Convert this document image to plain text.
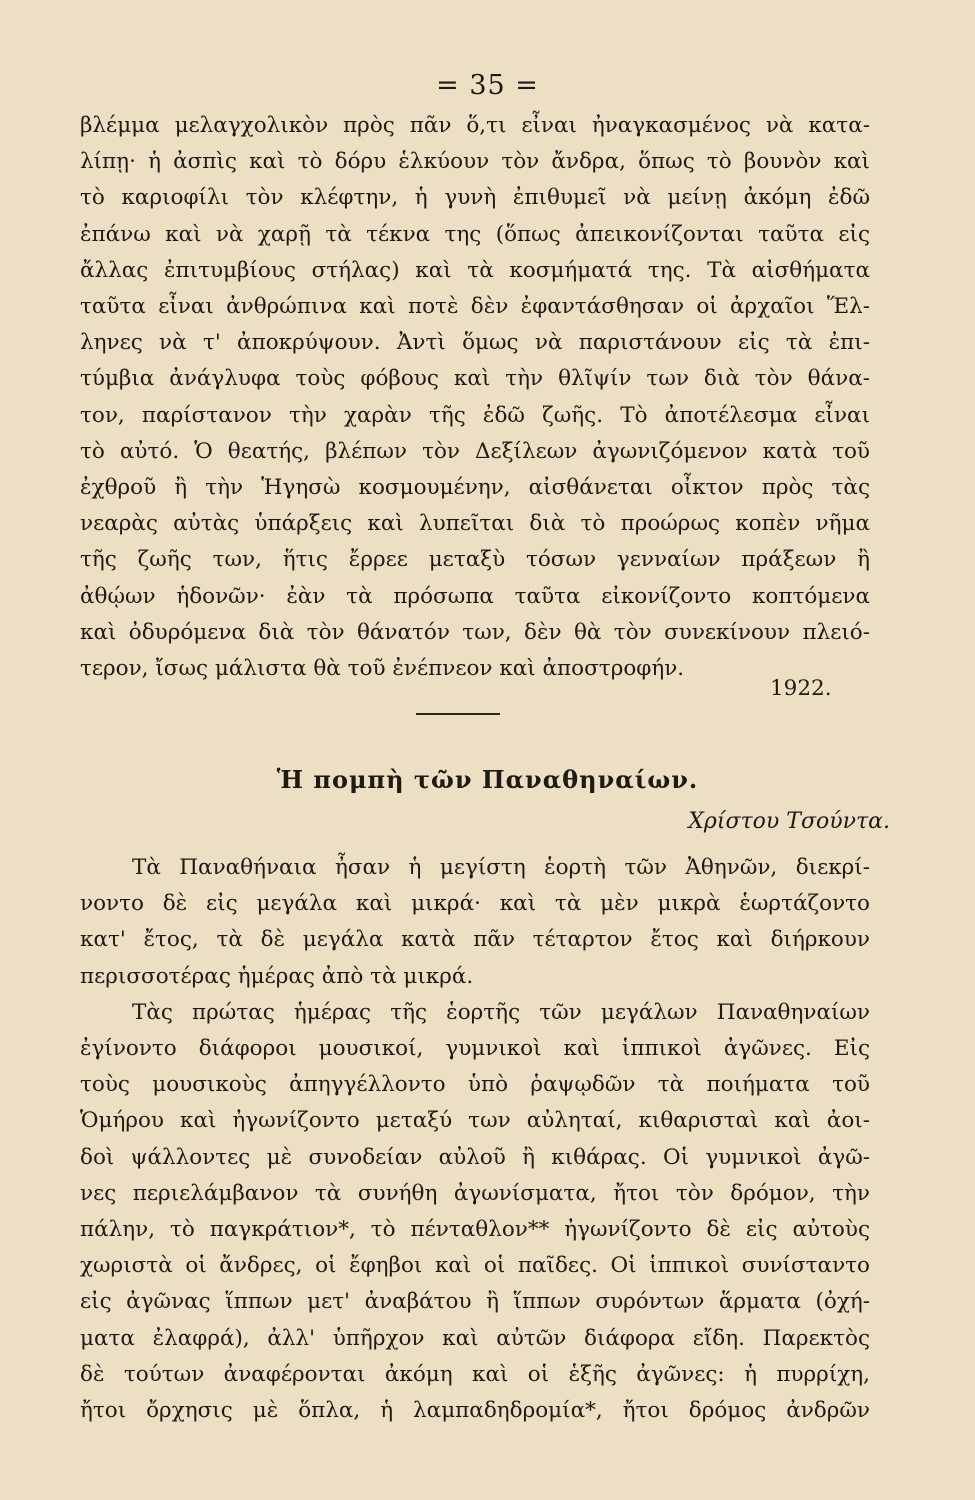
= 35 =
βλέμμα μελαγχολικὸν πρὸς πᾶν ὅ,τι εἶναι ἠναγκασμένος νὰ κατα-
λίπῃ· ἡ ἀσπὶς καὶ τὸ δόρυ ἑλκύουν τὸν ἄνδρα, ὅπως τὸ βουνὸν καὶ
τὸ καριοφίλι τὸν κλέφτην, ἡ γυνὴ ἐπιθυμεῖ νὰ μείνῃ ἀκόμη ἐδῶ
ἐπάνω καὶ νὰ χαρῇ τὰ τέκνα της (ὅπως ἀπεικονίζονται ταῦτα εἰς
ἄλλας ἐπιτυμβίους στήλας) καὶ τὰ κοσμήματά της. Τὰ αἰσθήματα
ταῦτα εἶναι ἀνθρώπινα καὶ ποτὲ δὲν ἐφαντάσθησαν οἱ ἀρχαῖοι Ἕλ-
ληνες νὰ τ' ἀποκρύψουν. Ἀντὶ ὅμως νὰ παριστάνουν εἰς τὰ ἐπι-
τύμβια ἀνάγλυφα τοὺς φόβους καὶ τὴν θλῖψίν των διὰ τὸν θάνα-
τον, παρίστανον τὴν χαρὰν τῆς ἐδῶ ζωῆς. Τὸ ἀποτέλεσμα εἶναι
τὸ αὐτό. Ὁ θεατής, βλέπων τὸν Δεξίλεων ἀγωνιζόμενον κατὰ τοῦ
ἐχθροῦ ἢ τὴν Ἡγησὼ κοσμουμένην, αἰσθάνεται οἶκτον πρὸς τὰς
νεαρὰς αὐτὰς ὑπάρξεις καὶ λυπεῖται διὰ τὸ προώρως κοπὲν νῆμα
τῆς ζωῆς των, ἥτις ἔρρεε μεταξὺ τόσων γενναίων πράξεων ἢ
ἀθῴων ἡδονῶν· ἐὰν τὰ πρόσωπα ταῦτα εἰκονίζοντο κοπτόμενα
καὶ ὀδυρόμενα διὰ τὸν θάνατόν των, δὲν θὰ τὸν συνεκίνουν πλειό-
τερον, ἴσως μάλιστα θὰ τοῦ ἐνέπνεον καὶ ἀποστροφήν.
1922.
Ἡ πομπὴ τῶν Παναθηναίων.
Χρίστου Τσούντα.
Τὰ Παναθήναια ἦσαν ἡ μεγίστη ἑορτὴ τῶν Ἀθηνῶν, διεκρί-
νοντο δὲ εἰς μεγάλα καὶ μικρά· καὶ τὰ μὲν μικρὰ ἑωρτάζοντο
κατ' ἔτος, τὰ δὲ μεγάλα κατὰ πᾶν τέταρτον ἔτος καὶ διήρκουν
περισσοτέρας ἡμέρας ἀπὸ τὰ μικρά.
Τὰς πρώτας ἡμέρας τῆς ἑορτῆς τῶν μεγάλων Παναθηναίων
ἐγίνοντο διάφοροι μουσικοί, γυμνικοὶ καὶ ἱππικοὶ ἀγῶνες. Εἰς
τοὺς μουσικοὺς ἀπηγγέλλοντο ὑπὸ ῥαψῳδῶν τὰ ποιήματα τοῦ
Ὁμήρου καὶ ἠγωνίζοντο μεταξύ των αὐληταί, κιθαρισταὶ καὶ ἀοι-
δοὶ ψάλλοντες μὲ συνοδείαν αὐλοῦ ἢ κιθάρας. Οἱ γυμνικοὶ ἀγῶ-
νες περιελάμβανον τὰ συνήθη ἀγωνίσματα, ἤτοι τὸν δρόμον, τὴν
πάλην, τὸ παγκράτιον*, τὸ πένταθλον** ἠγωνίζοντο δὲ εἰς αὐτοὺς
χωριστὰ οἱ ἄνδρες, οἱ ἔφηβοι καὶ οἱ παῖδες. Οἱ ἱππικοὶ συνίσταντο
εἰς ἀγῶνας ἵππων μετ' ἀναβάτου ἢ ἵππων συρόντων ἅρματα (ὀχή-
ματα ἐλαφρά), ἀλλ' ὑπῆρχον καὶ αὐτῶν διάφορα εἴδη. Παρεκτὸς
δὲ τούτων ἀναφέρονται ἀκόμη καὶ οἱ ἑξῆς ἀγῶνες: ἡ πυρρίχη,
ἤτοι ὄρχησις μὲ ὅπλα, ἡ λαμπαδηδρομία*, ἤτοι δρόμος ἀνδρῶν
